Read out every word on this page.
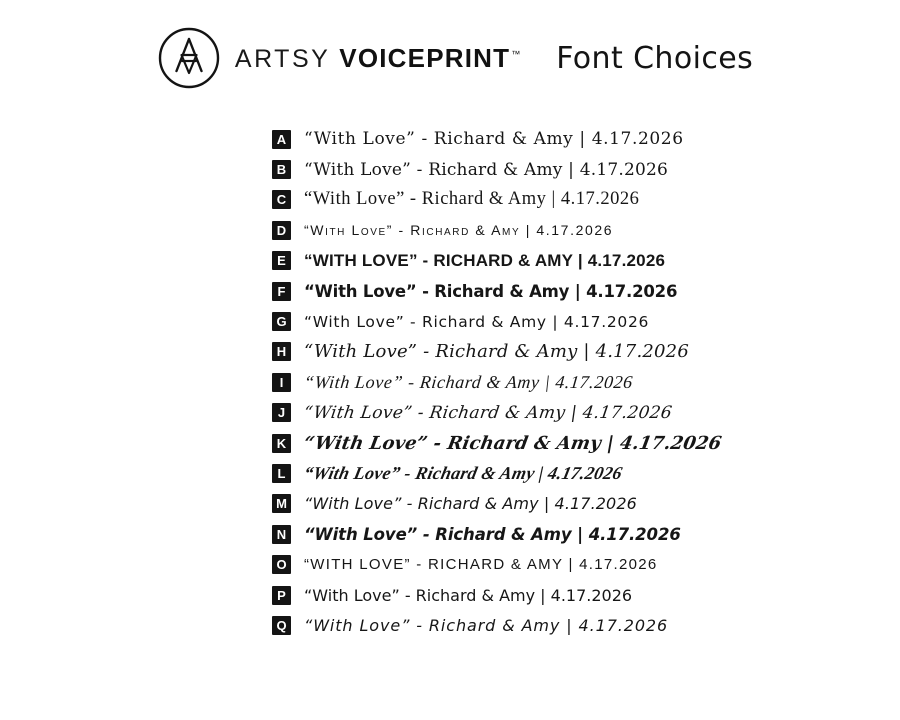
ARTSY VOICEPRINT™ Font Choices
A “With Love” - Richard & Amy | 4.17.2026
B “With Love” - Richard & Amy | 4.17.2026
C “With Love” - Richard & Amy | 4.17.2026
D	“With Love” - Richard & Amy | 4.17.2026
E	“WITH LOVE” - RICHARD & AMY | 4.17.2026
F	“With Love” - Richard & Amy | 4.17.2026
G “With Love” - Richard & Amy | 4.17.2026
H “With Love” - Richard & Amy | 4.17.2026
I	“With Love” - Richard & Amy | 4.17.2026
J	“With Love” - Richard & Amy | 4.17.2026
K “With Love” - Richard & Amy | 4.17.2026
L “With Love” - Richard & Amy | 4.17.2026
M “With Love” - Richard & Amy | 4.17.2026
N “With Love” - Richard & Amy | 4.17.2026
O “WITH LOVE” - RICHARD & AMY | 4.17.2026
P	“With Love” - Richard & Amy | 4.17.2026
Q “With Love” - Richard & Amy | 4.17.2026
